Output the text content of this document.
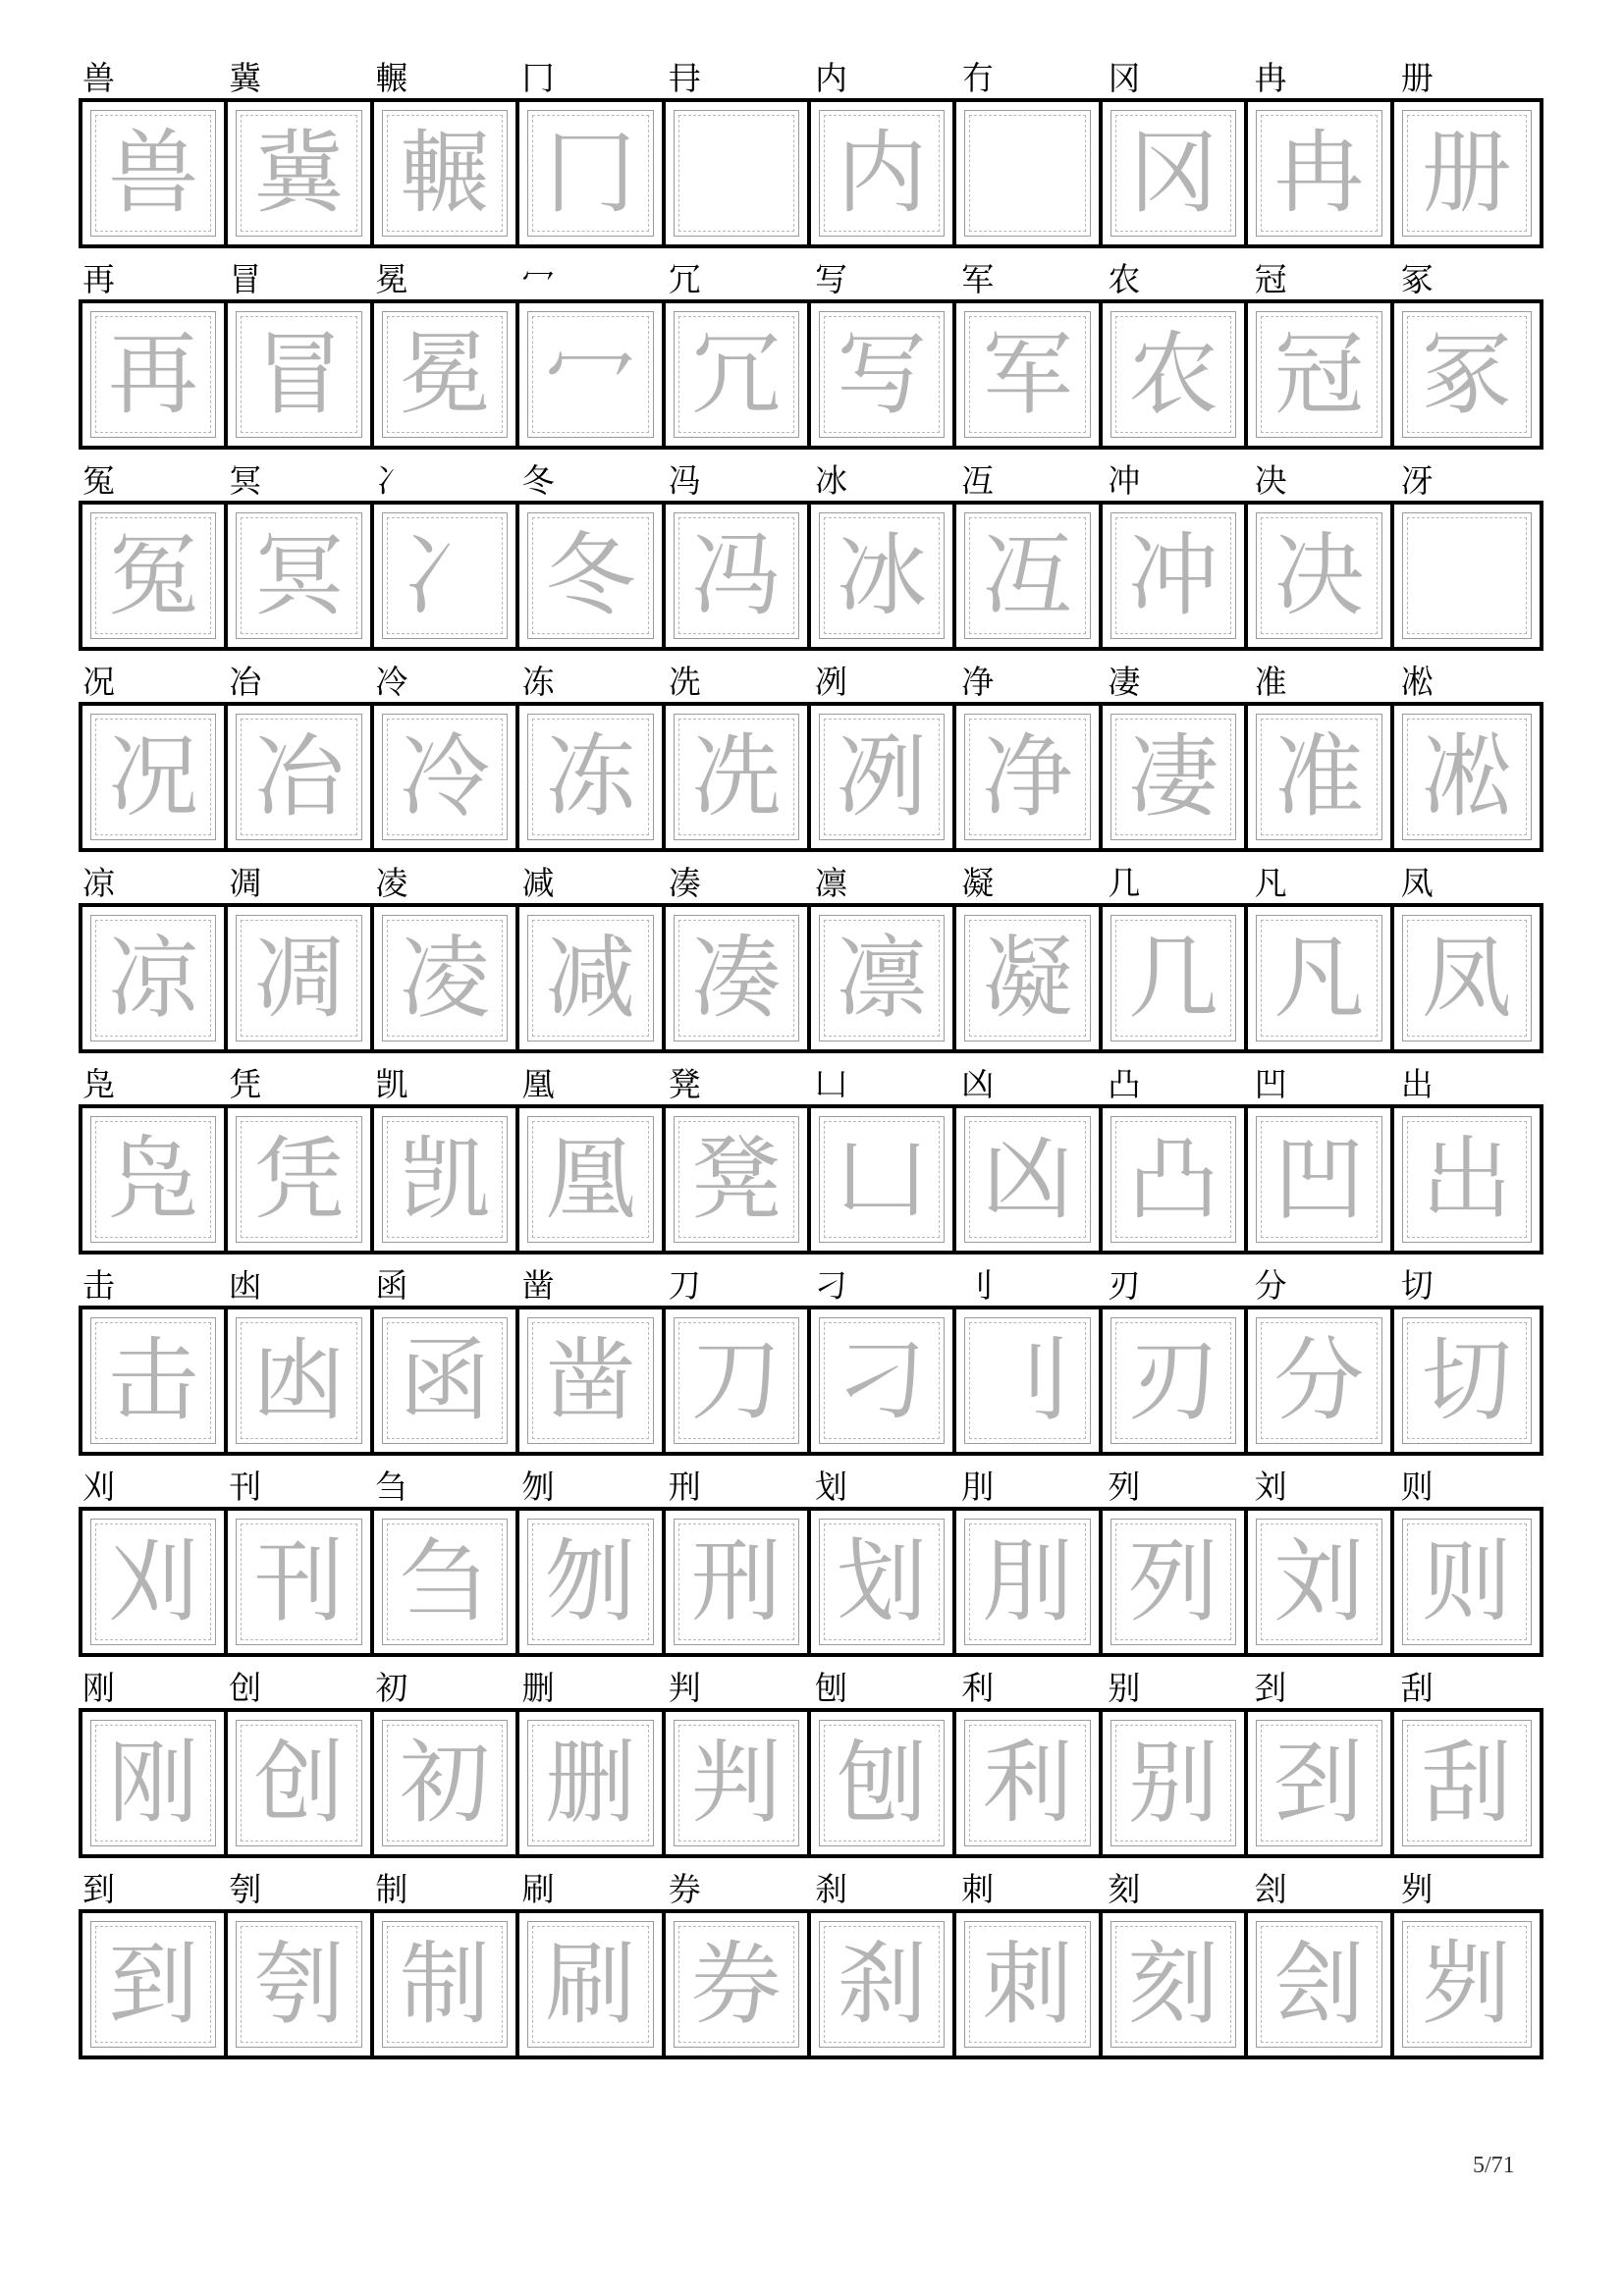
兽	冀	輾	冂	冄	内	冇	冈	冉	册
兽 冀 輾 冂 内 冈 冉 册
再	冒	冕	冖	冗	写	军	农	冠	冢
再 冒 冕 冖 冗 写 军 农 冠 冢
冤	冥	冫	冬	冯	冰	冱	冲	决	冴
冤 冥 冫 冬 冯 冰 冱 冲 决
况	冶	冷	冻	冼	冽	净	凄	准	凇
况 冶 冷 冻 冼 冽 净 凄 准 凇
凉	凋	凌	减	凑	凛	凝	几	凡	凤
凉 凋 凌 减 凑 凛 凝 几 凡 凤
凫	凭	凯	凰	凳	凵	凶	凸	凹	出
凫 凭 凯 凰 凳 凵 凶 凸 凹 出
击	凼	函	凿	刀	刁	刂	刃	分	切
击 凼 函 凿 刀 刁 刂 刃 分 切
刈	刊	刍	刎	刑	划	刖	列	刘	则
刈 刊 刍 刎 刑 划 刖 列 刘 则
刚	创	初	删	判	刨	利	别	刭	刮
刚 创 初 删 判 刨 利 别 刭 刮
到	刳	制	刷	券	刹	刺	刻	刽	刿
到 刳 制 刷 券 刹 刺 刻 刽 刿
5/71
